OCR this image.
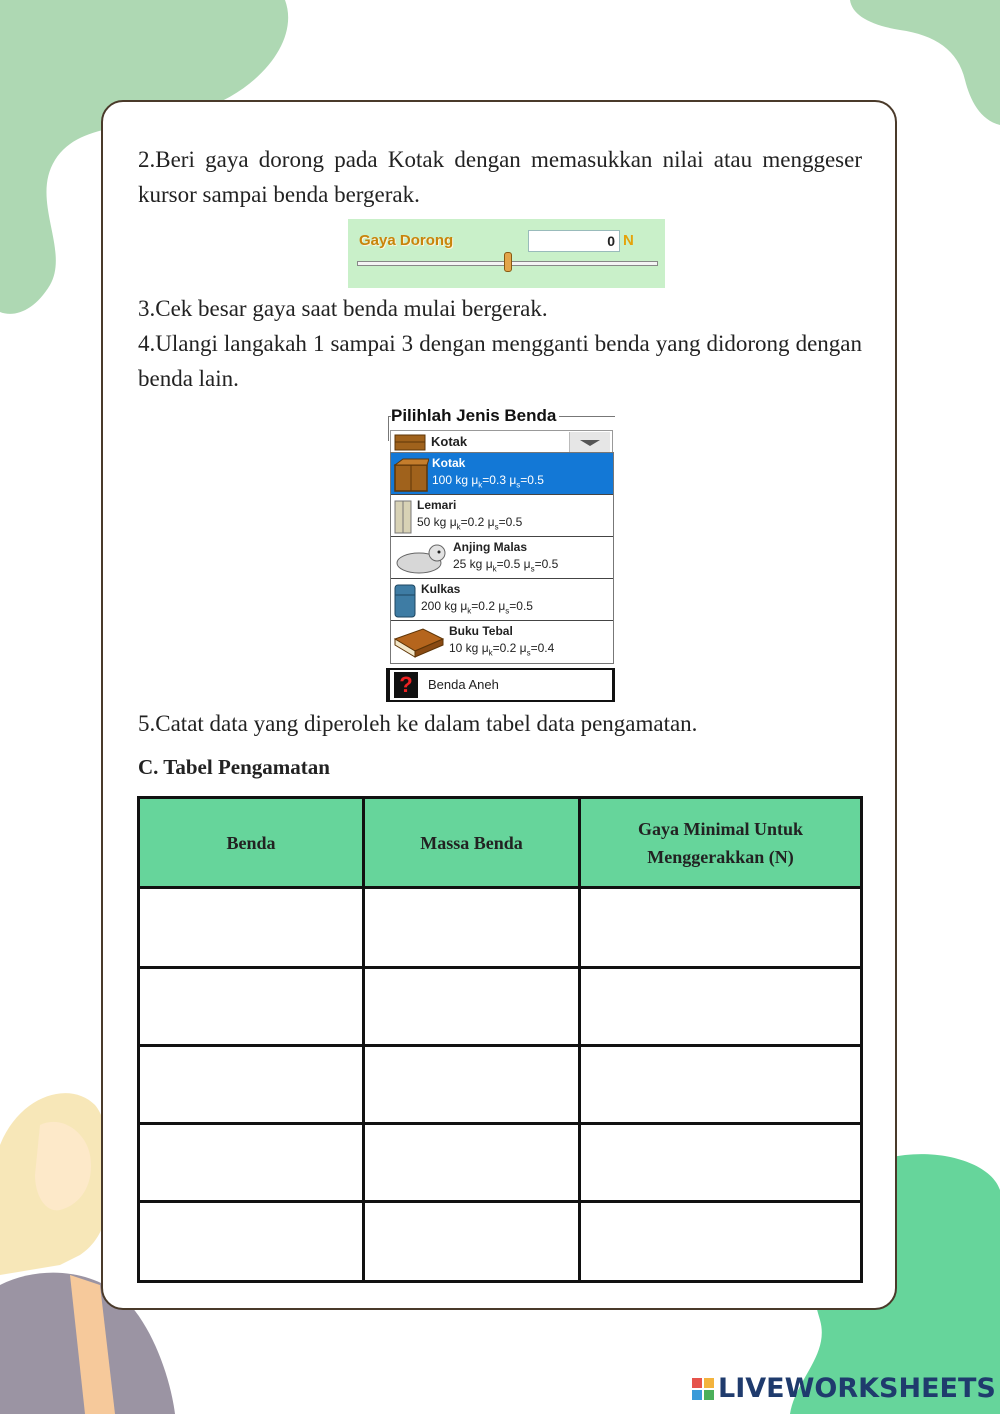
2.Beri gaya dorong pada Kotak dengan memasukkan nilai atau menggeser kursor sampai benda bergerak.

Gaya Dorong	0 N

3.Cek besar gaya saat benda mulai bergerak.

4.Ulangi langakah 1 sampai 3 dengan mengganti benda yang didorong dengan benda lain.

Pilihlah Jenis Benda
Kotak
Kotak
100 kg $\mu_k=0.3$ $\mu_s=0.5$
Lemari
50 kg $\mu_k=0.2$ $\mu_s=0.5$
Anjing Malas
25 kg $\mu_k=0.5$ $\mu_s=0.5$
Kulkas
200 kg $\mu_k=0.2$ $\mu_s=0.5$
Buku Tebal
10 kg $\mu_k=0.2$ $\mu_s=0.4$
?	Benda Aneh

5.Catat data yang diperoleh ke dalam tabel data pengamatan.

C. Tabel Pengamatan
Benda	Massa Benda	Gaya Minimal Untuk Menggerakkan (N)

LIVEWORKSHEETS
